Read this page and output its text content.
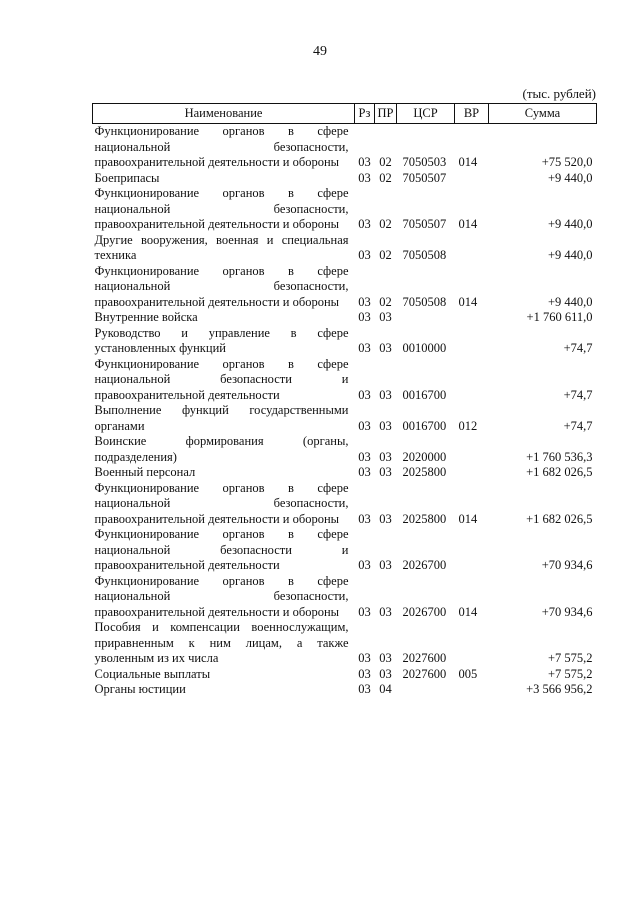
49
(тыс. рублей)
Наименование	Рз	ПР	ЦСР	ВР	Сумма
Функционирование органов в сфере национальной безопасности, правоохранительной деятельности и обороны	03	02	7050503	014	+75 520,0
Боеприпасы	03	02	7050507		+9 440,0
Функционирование органов в сфере национальной безопасности, правоохранительной деятельности и обороны	03	02	7050507	014	+9 440,0
Другие вооружения, военная и специальная техника	03	02	7050508		+9 440,0
Функционирование органов в сфере национальной безопасности, правоохранительной деятельности и обороны	03	02	7050508	014	+9 440,0
Внутренние войска	03	03			+1 760 611,0
Руководство и управление в сфере установленных функций	03	03	0010000		+74,7
Функционирование органов в сфере национальной безопасности и правоохранительной деятельности	03	03	0016700		+74,7
Выполнение функций государственными органами	03	03	0016700	012	+74,7
Воинские формирования (органы, подразделения)	03	03	2020000		+1 760 536,3
Военный персонал	03	03	2025800		+1 682 026,5
Функционирование органов в сфере национальной безопасности, правоохранительной деятельности и обороны	03	03	2025800	014	+1 682 026,5
Функционирование органов в сфере национальной безопасности и правоохранительной деятельности	03	03	2026700		+70 934,6
Функционирование органов в сфере национальной безопасности, правоохранительной деятельности и обороны	03	03	2026700	014	+70 934,6
Пособия и компенсации военнослужащим, приравненным к ним лицам, а также уволенным из их числа	03	03	2027600		+7 575,2
Социальные выплаты	03	03	2027600	005	+7 575,2
Органы юстиции	03	04			+3 566 956,2
